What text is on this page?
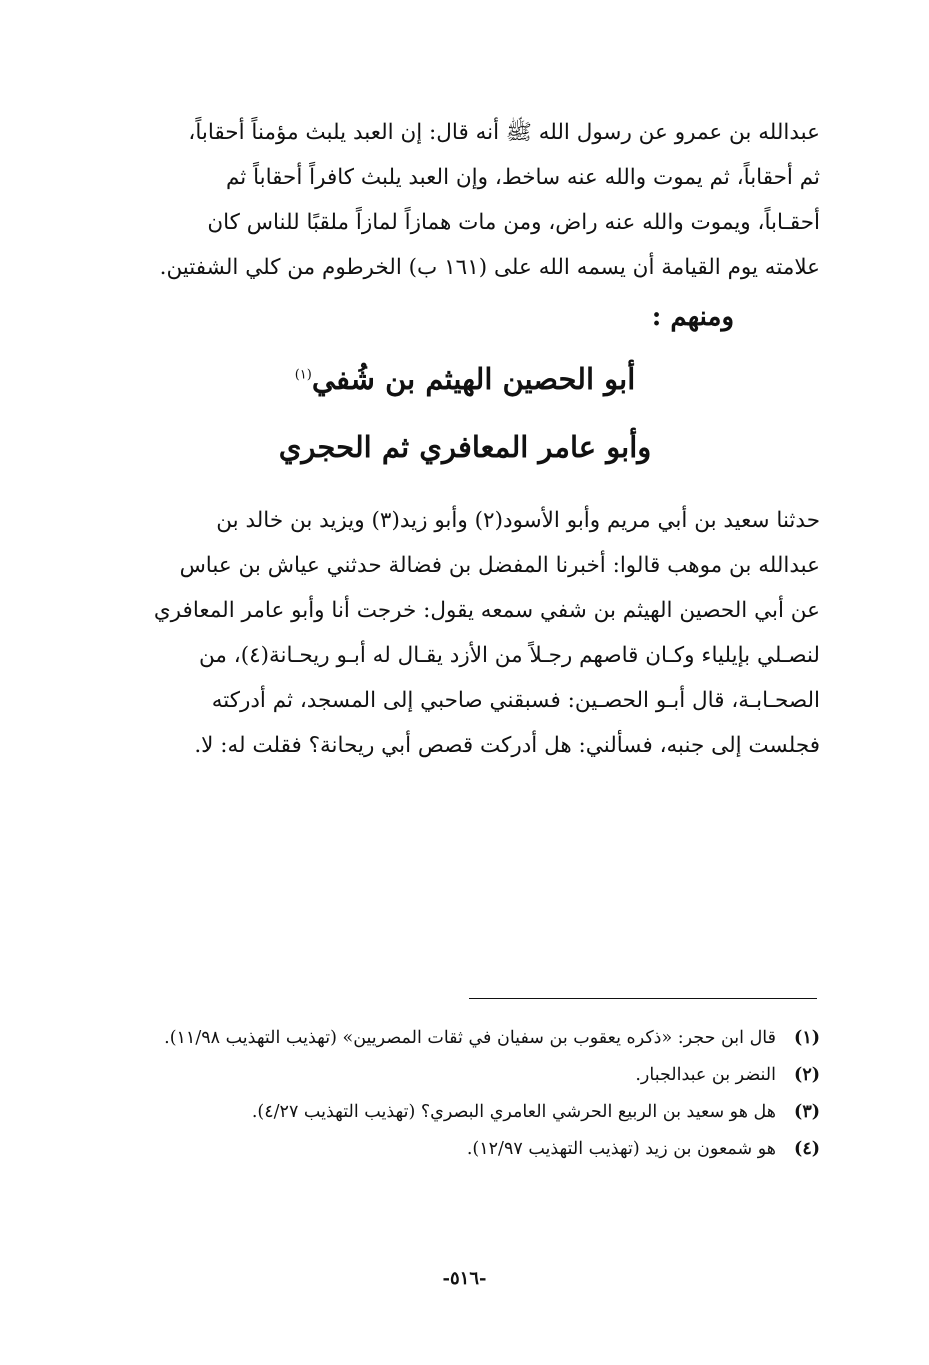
عبدالله بن عمرو عن رسول الله ﷺ أنه قال: إن العبد يلبث مؤمناً أحقاباً،
ثم أحقاباً، ثم يموت والله عنه ساخط، وإن العبد يلبث كافراً أحقاباً ثم
أحقـاباً، ويموت والله عنه راض، ومن مات همازاً لمازاً ملقبًا للناس كان
علامته يوم القيامة أن يسمه الله على (١٦١ ب) الخرطوم من كلي الشفتين.
ومنهم :
أبو الحصين الهيثم بن شُفي$^{(١)}$
وأبو عامر المعافري ثم الحجري
حدثنا سعيد بن أبي مريم وأبو الأسود(٢) وأبو زيد(٣) ويزيد بن خالد بن
عبدالله بن موهب قالوا: أخبرنا المفضل بن فضالة حدثني عياش بن عباس
عن أبي الحصين الهيثم بن شفي سمعه يقول: خرجت أنا وأبو عامر المعافري
لنصـلي بإيلياء وكـان قاصهم رجـلاً من الأزد يقـال له أبـو ريحـانة(٤)، من
الصحـابـة، قال أبـو الحصـين: فسبقني صاحبي إلى المسجد، ثم أدركته
فجلست إلى جنبه، فسألني: هل أدركت قصص أبي ريحانة؟ فقلت له: لا.
(١)
قال ابن حجر: «ذكره يعقوب بن سفيان في ثقات المصريين» (تهذيب التهذيب ١١/٩٨).
(٢)
النضر بن عبدالجبار.
(٣)
هل هو سعيد بن الربيع الحرشي العامري البصري؟ (تهذيب التهذيب ٤/٢٧).
(٤)
هو شمعون بن زيد (تهذيب التهذيب ١٢/٩٧).
-٥١٦-
